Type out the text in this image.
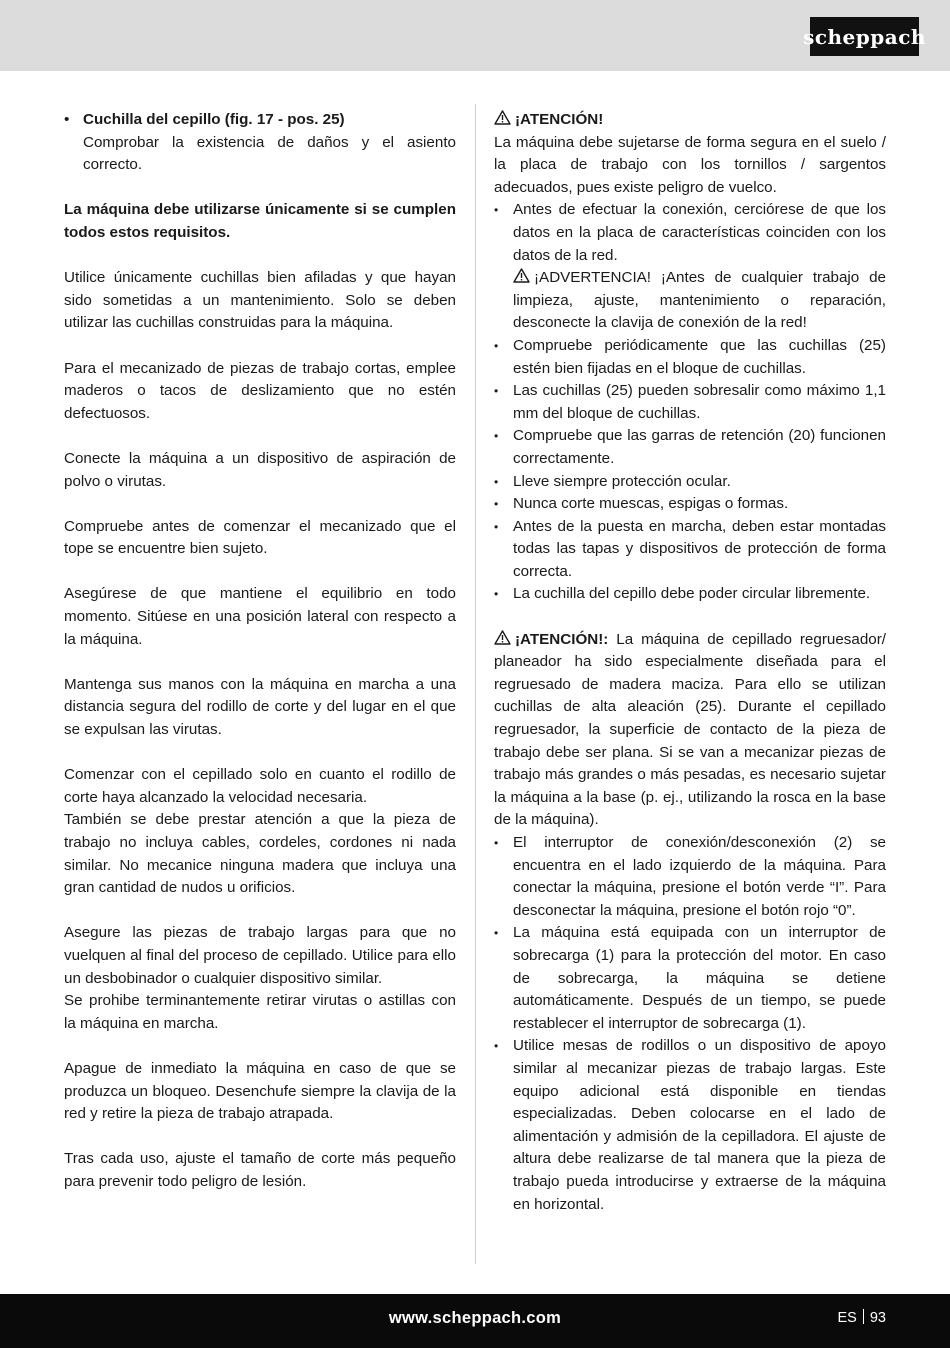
scheppach
• Cuchilla del cepillo (fig. 17 - pos. 25)

Comprobar la existencia de daños y el asiento correcto.

La máquina debe utilizarse únicamente si se cumplen todos estos requisitos.

Utilice únicamente cuchillas bien afiladas y que hayan sido sometidas a un mantenimiento. Solo se deben utilizar las cuchillas construidas para la máquina.

Para el mecanizado de piezas de trabajo cortas, emplee maderos o tacos de deslizamiento que no estén defectuosos.

Conecte la máquina a un dispositivo de aspiración de polvo o virutas.

Compruebe antes de comenzar el mecanizado que el tope se encuentre bien sujeto.

Asegúrese de que mantiene el equilibrio en todo momento. Sitúese en una posición lateral con respecto a la máquina.

Mantenga sus manos con la máquina en marcha a una distancia segura del rodillo de corte y del lugar en el que se expulsan las virutas.

Comenzar con el cepillado solo en cuanto el rodillo de corte haya alcanzado la velocidad necesaria.

También se debe prestar atención a que la pieza de trabajo no incluya cables, cordeles, cordones ni nada similar. No mecanice ninguna madera que incluya una gran cantidad de nudos u orificios.

Asegure las piezas de trabajo largas para que no vuelquen al final del proceso de cepillado. Utilice para ello un desbobinador o cualquier dispositivo similar.

Se prohibe terminantemente retirar virutas o astillas con la máquina en marcha.

Apague de inmediato la máquina en caso de que se produzca un bloqueo. Desenchufe siempre la clavija de la red y retire la pieza de trabajo atrapada.

Tras cada uso, ajuste el tamaño de corte más pequeño para prevenir todo peligro de lesión.

¡ATENCIÓN!

La máquina debe sujetarse de forma segura en el suelo / la placa de trabajo con los tornillos / sargentos adecuados, pues existe peligro de vuelco.

• Antes de efectuar la conexión, cerciórese de que los datos en la placa de características coinciden con los datos de la red.
¡ADVERTENCIA! ¡Antes de cualquier trabajo de limpieza, ajuste, mantenimiento o reparación, desconecte la clavija de conexión de la red!
• Compruebe periódicamente que las cuchillas (25) estén bien fijadas en el bloque de cuchillas.
• Las cuchillas (25) pueden sobresalir como máximo 1,1 mm del bloque de cuchillas.
• Compruebe que las garras de retención (20) funcionen correctamente.
• Lleve siempre protección ocular.
• Nunca corte muescas, espigas o formas.
• Antes de la puesta en marcha, deben estar montadas todas las tapas y dispositivos de protección de forma correcta.
• La cuchilla del cepillo debe poder circular libremente.

¡ATENCIÓN!: La máquina de cepillado regruesador/ planeador ha sido especialmente diseñada para el regruesado de madera maciza. Para ello se utilizan cuchillas de alta aleación (25). Durante el cepillado regruesador, la superficie de contacto de la pieza de trabajo debe ser plana. Si se van a mecanizar piezas de trabajo más grandes o más pesadas, es necesario sujetar la máquina a la base (p. ej., utilizando la rosca en la base de la máquina).

• El interruptor de conexión/desconexión (2) se encuentra en el lado izquierdo de la máquina. Para conectar la máquina, presione el botón verde “I”. Para desconectar la máquina, presione el botón rojo “0”.
• La máquina está equipada con un interruptor de sobrecarga (1) para la protección del motor. En caso de sobrecarga, la máquina se detiene automáticamente. Después de un tiempo, se puede restablecer el interruptor de sobrecarga (1).
• Utilice mesas de rodillos o un dispositivo de apoyo similar al mecanizar piezas de trabajo largas. Este equipo adicional está disponible en tiendas especializadas. Deben colocarse en el lado de alimentación y admisión de la cepilladora. El ajuste de altura debe realizarse de tal manera que la pieza de trabajo pueda introducirse y extraerse de la máquina en horizontal.
www.scheppach.com	ES 93
